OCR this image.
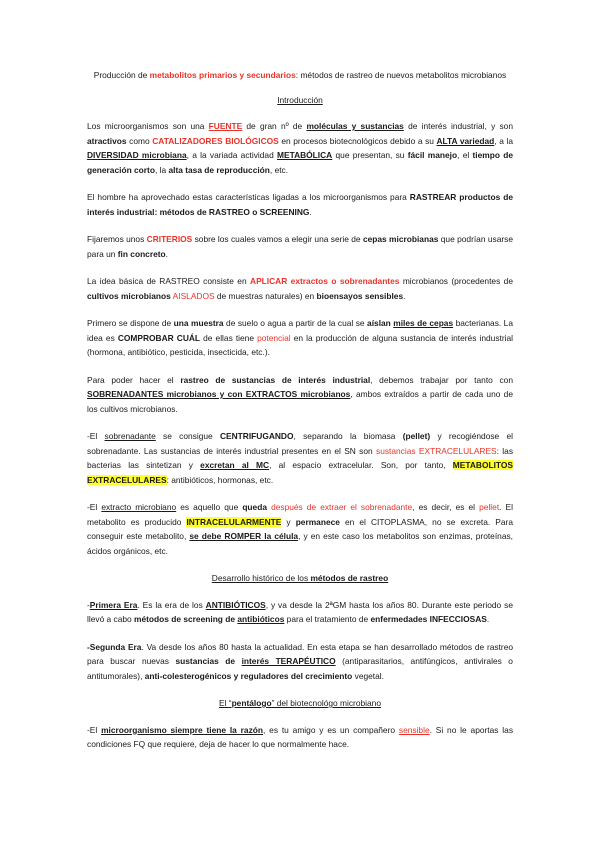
Producción de metabolitos primarios y secundarios: métodos de rastreo de nuevos metabolitos microbianos

Introducción

Los microorganismos son una FUENTE de gran nº de moléculas y sustancias de interés industrial, y son atractivos como CATALIZADORES BIOLÓGICOS en procesos biotecnológicos debido a su ALTA variedad, a la DIVERSIDAD microbiana, a la variada actividad METABÓLICA que presentan, su fácil manejo, el tiempo de generación corto, la alta tasa de reproducción, etc.

El hombre ha aprovechado estas características ligadas a los microorganismos para RASTREAR productos de interés industrial: métodos de RASTREO o SCREENING.

Fijaremos unos CRITERIOS sobre los cuales vamos a elegir una serie de cepas microbianas que podrían usarse para un fin concreto.

La idea básica de RASTREO consiste en APLICAR extractos o sobrenadantes microbianos (procedentes de cultivos microbianos AISLADOS de muestras naturales) en bioensayos sensibles.

Primero se dispone de una muestra de suelo o agua a partir de la cual se aíslan miles de cepas bacterianas. La idea es COMPROBAR CUÁL de ellas tiene potencial en la producción de alguna sustancia de interés industrial (hormona, antibiótico, pesticida, insecticida, etc.).

Para poder hacer el rastreo de sustancias de interés industrial, debemos trabajar por tanto con SOBRENADANTES microbianos y con EXTRACTOS microbianos, ambos extraídos a partir de cada uno de los cultivos microbianos.

-El sobrenadante se consigue CENTRIFUGANDO, separando la biomasa (pellet) y recogiéndose el sobrenadante. Las sustancias de interés industrial presentes en el SN son sustancias EXTRACELULARES: las bacterias las sintetizan y excretan al MC, al espacio extracelular. Son, por tanto, METABOLITOS EXTRACELULARES: antibióticos, hormonas, etc.

-El extracto microbiano es aquello que queda después de extraer el sobrenadante, es decir, es el pellet. El metabolito es producido INTRACELULARMENTE y permanece en el CITOPLASMA, no se excreta. Para conseguir este metabolito, se debe ROMPER la célula, y en este caso los metabolitos son enzimas, proteínas, ácidos orgánicos, etc.

Desarrollo histórico de los métodos de rastreo

-Primera Era. Es la era de los ANTIBIÓTICOS, y va desde la 2ªGM hasta los años 80. Durante este periodo se llevó a cabo métodos de screening de antibióticos para el tratamiento de enfermedades INFECCIOSAS.

-Segunda Era. Va desde los años 80 hasta la actualidad. En esta etapa se han desarrollado métodos de rastreo para buscar nuevas sustancias de interés TERAPÉUTICO (antiparasitarios, antifúngicos, antivirales o antitumorales), anti-colesterogénicos y reguladores del crecimiento vegetal.

El “pentálogo” del biotecnológo microbiano

-El microorganismo siempre tiene la razón, es tu amigo y es un compañero sensible. Si no le aportas las condiciones FQ que requiere, deja de hacer lo que normalmente hace.
